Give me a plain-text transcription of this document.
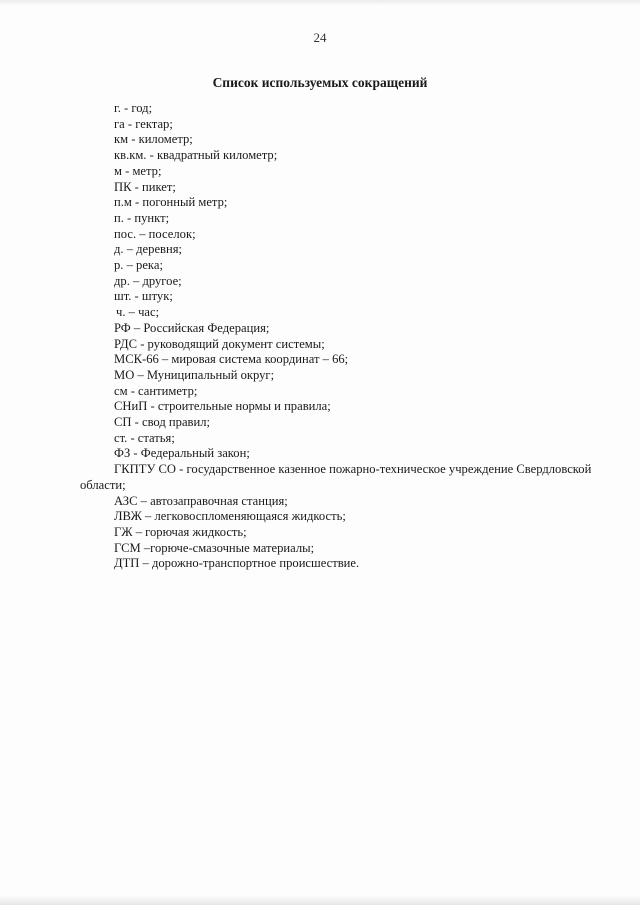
24
Список используемых сокращений
г. - год;
га - гектар;
км - километр;
кв.км. - квадратный километр;
м - метр;
ПК - пикет;
п.м - погонный метр;
п. - пункт;
пос. – поселок;
д. – деревня;
р. – река;
др. – другое;
шт. - штук;
ч. – час;
РФ – Российская Федерация;
РДС - руководящий документ системы;
МСК-66 – мировая система координат – 66;
МО – Муниципальный округ;
см - сантиметр;
СНиП - строительные нормы и правила;
СП - свод правил;
ст. - статья;
ФЗ - Федеральный закон;
ГКПТУ СО - государственное казенное пожарно-техническое учреждение Свердловской области;
АЗС – автозаправочная станция;
ЛВЖ – легковоспломеняющаяся жидкость;
ГЖ – горючая жидкость;
ГСМ –горюче-смазочные материалы;
ДТП – дорожно-транспортное происшествие.
